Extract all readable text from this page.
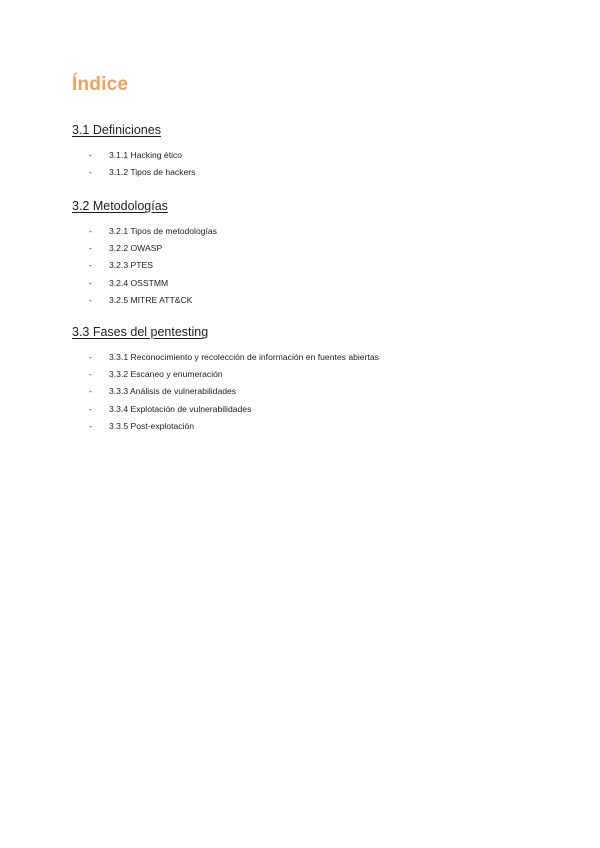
Índice
3.1 Definiciones
-	3.1.1 Hacking ético
-	3.1.2 Tipos de hackers
3.2 Metodologías
-	3.2.1 Tipos de metodologías
-	3.2.2 OWASP
-	3.2.3 PTES
-	3.2.4 OSSTMM
-	3.2.5 MITRE ATT&CK
3.3 Fases del pentesting
-	3.3.1 Reconocimiento y recolección de información en fuentes abiertas
-	3.3.2 Escaneo y enumeración
-	3.3.3 Análisis de vulnerabilidades
-	3.3.4 Explotación de vulnerabilidades
-	3.3.5 Post-explotación
